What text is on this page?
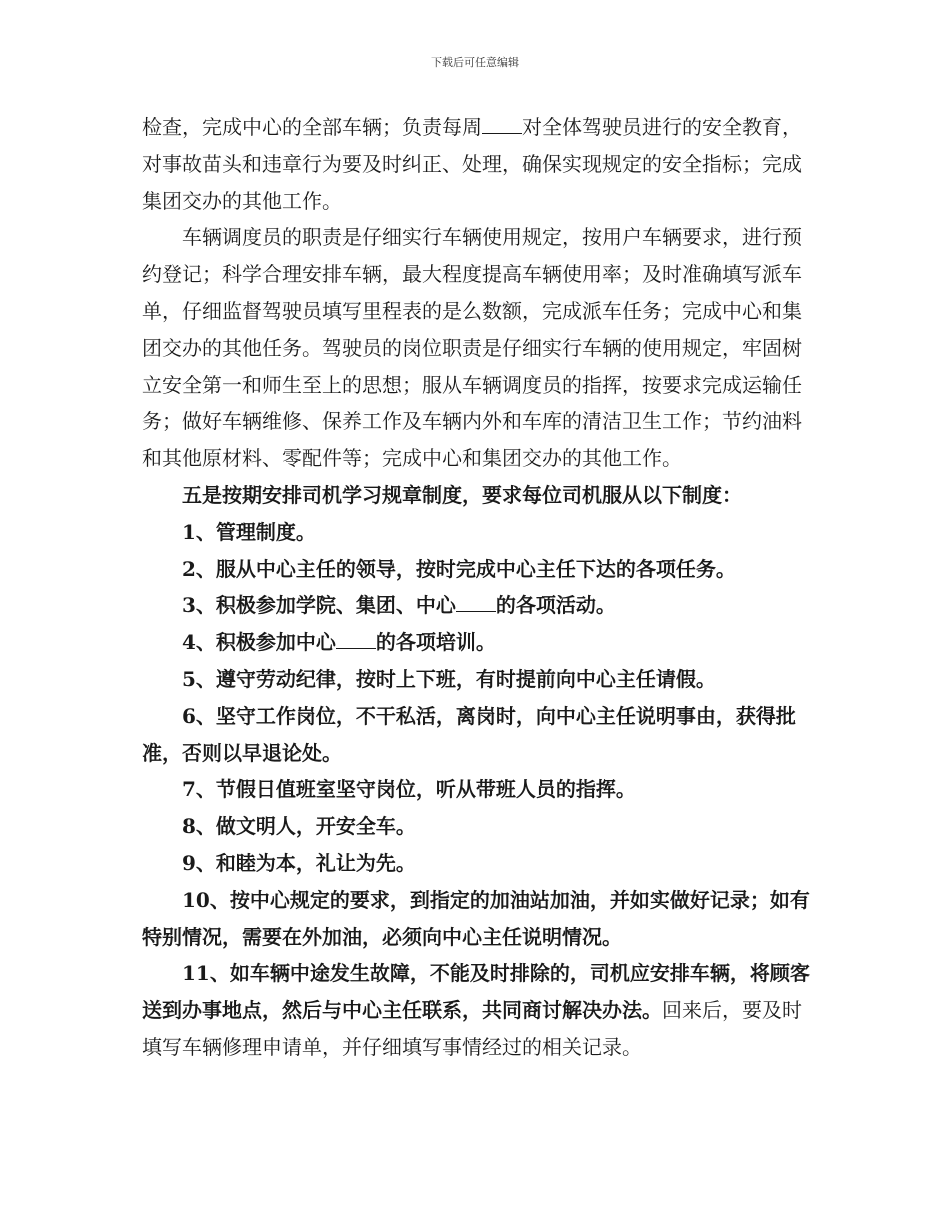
下载后可任意编辑

检查，完成中心的全部车辆；负责每周 对全体驾驶员进行的安全教育，对事故苗头和违章行为要及时纠正、处理，确保实现规定的安全指标；完成集团交办的其他工作。

车辆调度员的职责是仔细实行车辆使用规定，按用户车辆要求，进行预约登记；科学合理安排车辆，最大程度提高车辆使用率；及时准确填写派车单，仔细监督驾驶员填写里程表的是么数额，完成派车任务；完成中心和集团交办的其他任务。驾驶员的岗位职责是仔细实行车辆的使用规定，牢固树立安全第一和师生至上的思想；服从车辆调度员的指挥，按要求完成运输任务；做好车辆维修、保养工作及车辆内外和车库的清洁卫生工作；节约油料和其他原材料、零配件等；完成中心和集团交办的其他工作。

五是按期安排司机学习规章制度，要求每位司机服从以下制度：

1、管理制度。

2、服从中心主任的领导，按时完成中心主任下达的各项任务。

3、积极参加学院、集团、中心 的各项活动。

4、积极参加中心 的各项培训。

5、遵守劳动纪律，按时上下班，有时提前向中心主任请假。

6、坚守工作岗位，不干私活，离岗时，向中心主任说明事由，获得批准，否则以早退论处。

7、节假日值班室坚守岗位，听从带班人员的指挥。

8、做文明人，开安全车。

9、和睦为本，礼让为先。

10、按中心规定的要求，到指定的加油站加油，并如实做好记录；如有特别情况，需要在外加油，必须向中心主任说明情况。

11、如车辆中途发生故障，不能及时排除的，司机应安排车辆，将顾客送到办事地点，然后与中心主任联系，共同商讨解决办法。回来后，要及时填写车辆修理申请单，并仔细填写事情经过的相关记录。
